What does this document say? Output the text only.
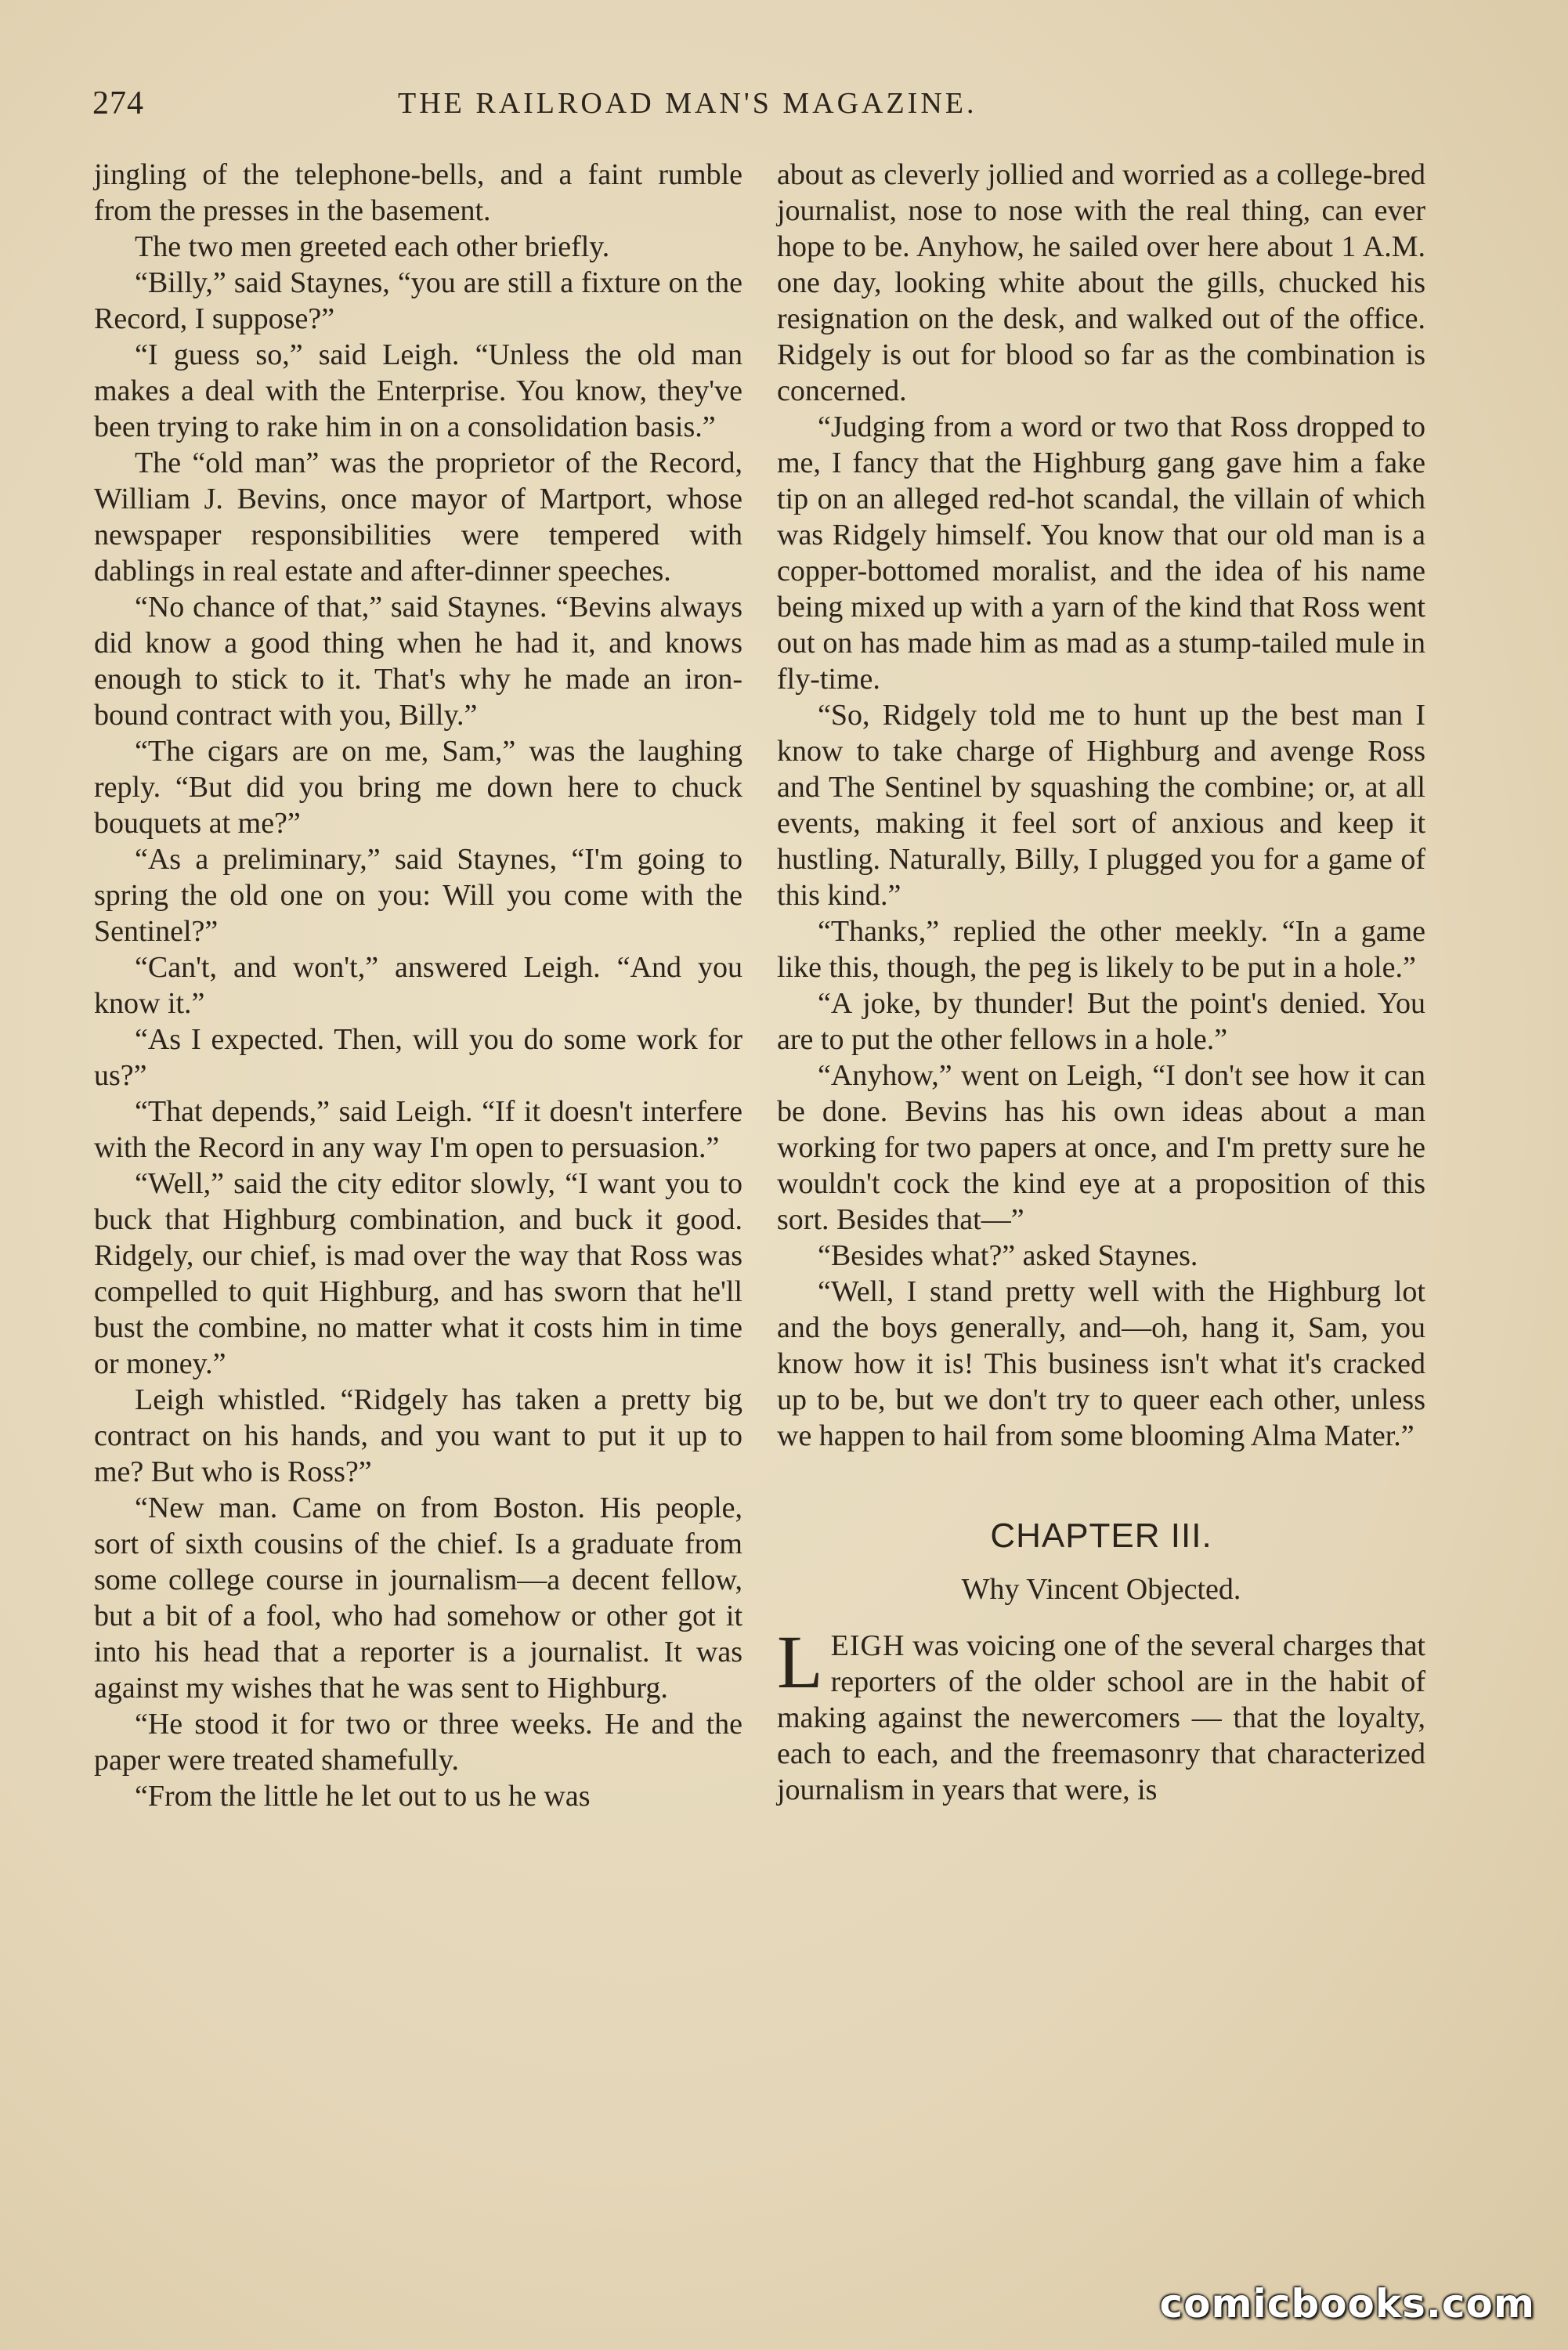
274	THE RAILROAD MAN'S MAGAZINE.

jingling of the telephone-bells, and a faint rumble from the presses in the basement.

The two men greeted each other briefly.

“Billy,” said Staynes, “you are still a fixture on the Record, I suppose?”

“I guess so,” said Leigh. “Unless the old man makes a deal with the Enterprise. You know, they've been trying to rake him in on a consolidation basis.”

The “old man” was the proprietor of the Record, William J. Bevins, once mayor of Martport, whose newspaper responsibilities were tempered with dablings in real estate and after-dinner speeches.

“No chance of that,” said Staynes. “Bevins always did know a good thing when he had it, and knows enough to stick to it. That's why he made an iron-bound contract with you, Billy.”

“The cigars are on me, Sam,” was the laughing reply. “But did you bring me down here to chuck bouquets at me?”

“As a preliminary,” said Staynes, “I'm going to spring the old one on you: Will you come with the Sentinel?”

“Can't, and won't,” answered Leigh. “And you know it.”

“As I expected. Then, will you do some work for us?”

“That depends,” said Leigh. “If it doesn't interfere with the Record in any way I'm open to persuasion.”

“Well,” said the city editor slowly, “I want you to buck that Highburg combination, and buck it good. Ridgely, our chief, is mad over the way that Ross was compelled to quit Highburg, and has sworn that he'll bust the combine, no matter what it costs him in time or money.”

Leigh whistled. “Ridgely has taken a pretty big contract on his hands, and you want to put it up to me? But who is Ross?”

“New man. Came on from Boston. His people, sort of sixth cousins of the chief. Is a graduate from some college course in journalism—a decent fellow, but a bit of a fool, who had somehow or other got it into his head that a reporter is a journalist. It was against my wishes that he was sent to Highburg.

“He stood it for two or three weeks. He and the paper were treated shamefully.

“From the little he let out to us he was

about as cleverly jollied and worried as a college-bred journalist, nose to nose with the real thing, can ever hope to be. Anyhow, he sailed over here about 1 A.M. one day, looking white about the gills, chucked his resignation on the desk, and walked out of the office. Ridgely is out for blood so far as the combination is concerned.

“Judging from a word or two that Ross dropped to me, I fancy that the Highburg gang gave him a fake tip on an alleged red-hot scandal, the villain of which was Ridgely himself. You know that our old man is a copper-bottomed moralist, and the idea of his name being mixed up with a yarn of the kind that Ross went out on has made him as mad as a stump-tailed mule in fly-time.

“So, Ridgely told me to hunt up the best man I know to take charge of Highburg and avenge Ross and The Sentinel by squashing the combine; or, at all events, making it feel sort of anxious and keep it hustling. Naturally, Billy, I plugged you for a game of this kind.”

“Thanks,” replied the other meekly. “In a game like this, though, the peg is likely to be put in a hole.”

“A joke, by thunder! But the point's denied. You are to put the other fellows in a hole.”

“Anyhow,” went on Leigh, “I don't see how it can be done. Bevins has his own ideas about a man working for two papers at once, and I'm pretty sure he wouldn't cock the kind eye at a proposition of this sort. Besides that—”

“Besides what?” asked Staynes.

“Well, I stand pretty well with the Highburg lot and the boys generally, and—oh, hang it, Sam, you know how it is! This business isn't what it's cracked up to be, but we don't try to queer each other, unless we happen to hail from some blooming Alma Mater.”

CHAPTER III.
Why Vincent Objected.

LEIGH was voicing one of the several charges that reporters of the older school are in the habit of making against the newercomers — that the loyalty, each to each, and the freemasonry that characterized journalism in years that were, is

comicbooks.com
